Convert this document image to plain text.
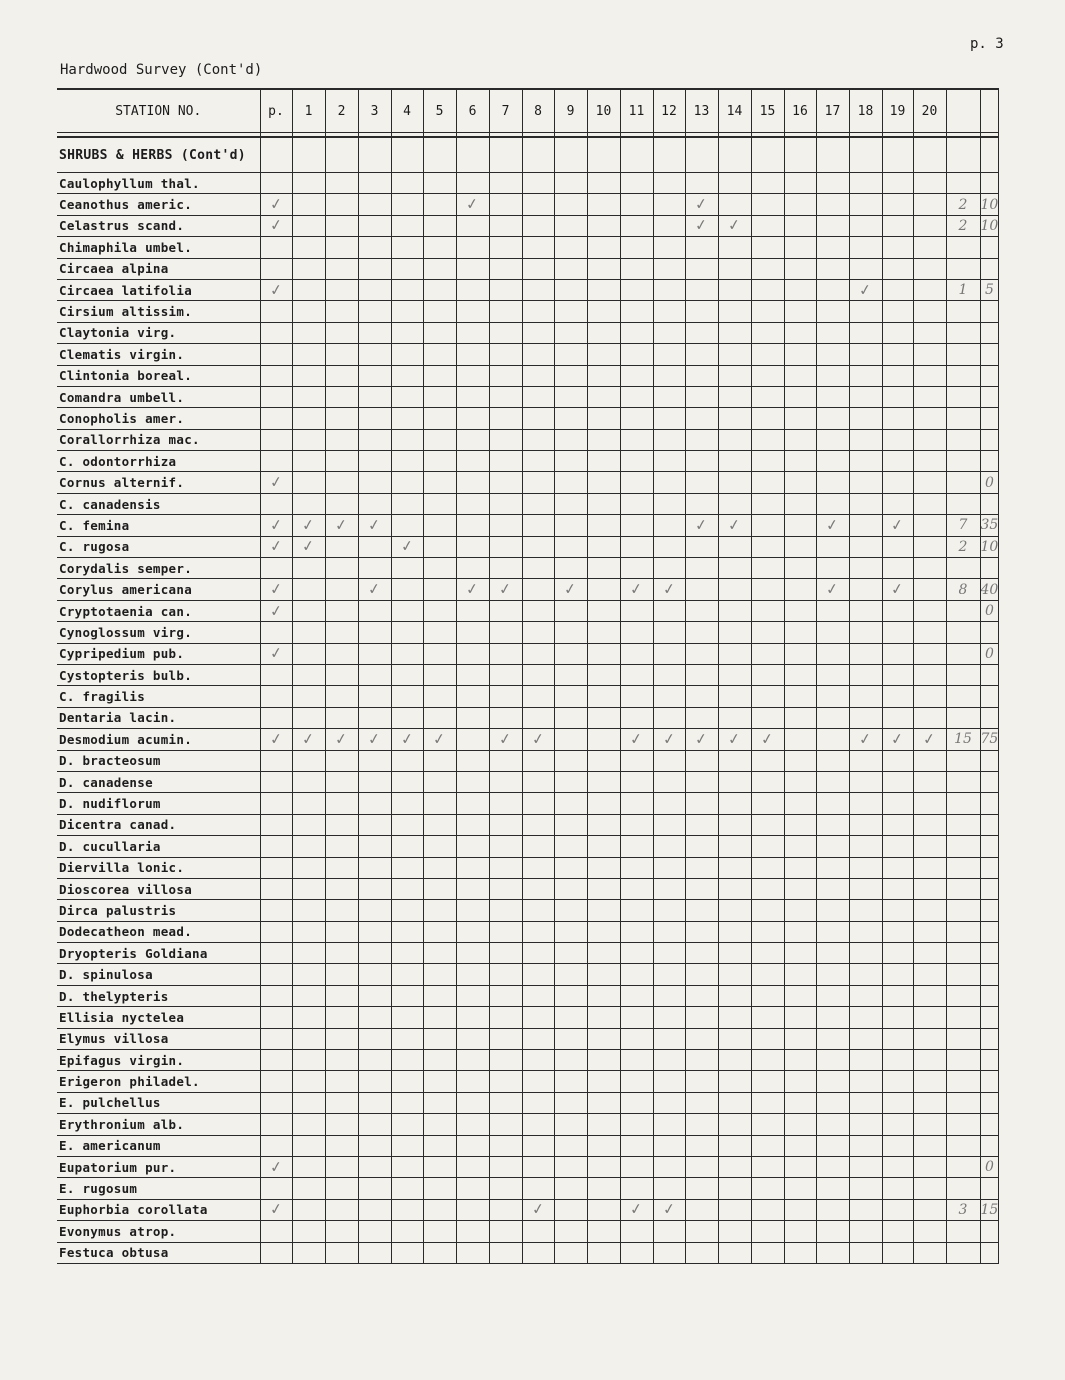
p. 3
Hardwood Survey (Cont'd)
STATION NO.	p.	1	2	3	4	5	6	7	8	9	10	11	12	13	14	15	16	17	18	19	20		

SHRUBS & HERBS (Cont'd)																							
Caulophyllum thal.																							
Ceanothus americ.	✓						✓							✓								2	10
Celastrus scand.	✓													✓	✓							2	10
Chimaphila umbel.																							
Circaea alpina																							
Circaea latifolia	✓																		✓			1	5
Cirsium altissim.																							
Claytonia virg.																							
Clematis virgin.																							
Clintonia boreal.																							
Comandra umbell.																							
Conopholis amer.																							
Corallorrhiza mac.																							
C. odontorrhiza																							
Cornus alternif.	✓																						0
C. canadensis																							
C. femina	✓	✓	✓	✓										✓	✓			✓		✓		7	35
C. rugosa	✓	✓			✓																	2	10
Corydalis semper.																							
Corylus americana	✓			✓			✓	✓		✓		✓	✓					✓		✓		8	40
Cryptotaenia can.	✓																						0
Cynoglossum virg.																							
Cypripedium pub.	✓																						0
Cystopteris bulb.																							
C. fragilis																							
Dentaria lacin.																							
Desmodium acumin.	✓	✓	✓	✓	✓	✓		✓	✓			✓	✓	✓	✓	✓			✓	✓	✓	15	75
D. bracteosum																							
D. canadense																							
D. nudiflorum																							
Dicentra canad.																							
D. cucullaria																							
Diervilla lonic.																							
Dioscorea villosa																							
Dirca palustris																							
Dodecatheon mead.																							
Dryopteris Goldiana																							
D. spinulosa																							
D. thelypteris																							
Ellisia nyctelea																							
Elymus villosa																							
Epifagus virgin.																							
Erigeron philadel.																							
E. pulchellus																							
Erythronium alb.																							
E. americanum																							
Eupatorium pur.	✓																						0
E. rugosum																							
Euphorbia corollata	✓								✓			✓	✓									3	15
Evonymus atrop.																							
Festuca obtusa																							
